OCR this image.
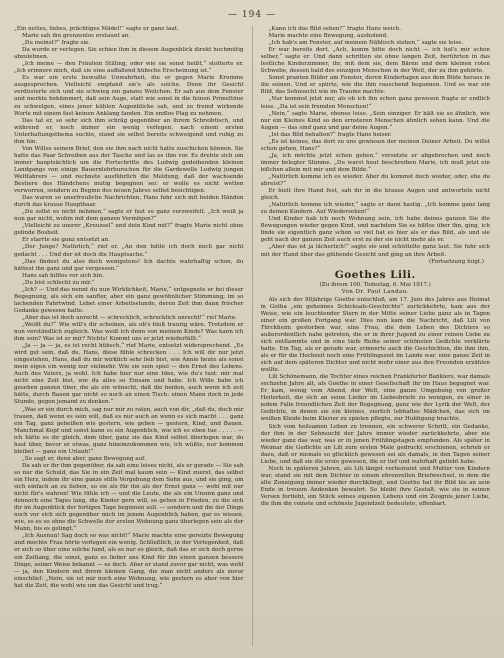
— 194 —

„Ein nettes, liebes, prächtiges Mädel!“ sagte er ganz laut.

Marie sah ihn grenzenlos erstaunt an.

„Du meinst?“ fragte sie.

Da wurde er verlegen. Sie schien ihm in diesem Augenblick direkt hochmütig abzulehnen.

„Ich meine — den Fräulein Stilling, oder wie sie sonst heißt,“ stotterte er. „Ich erinnere mich, daß sie eine auffallend hübsche Erscheinung ist.“

Es war ein erste bewußte Unwahrheit, die er gegen Marie Krumme ausgesprochen. Vielleicht empfand sie's als solche. Denn ihr Gesicht verdüsterte sich und sie schwieg ein ganzes Weilchen. Er sah aus dem Fenster und merkte bekümmert, daß sein Auge, statt wie sonst in die feinen Primeltöne zu schwelgen, eines jener kühlen Augenblicke sah, und zu fremd wirkende Worte mit einem fast keinen Anklang fanden. Ein endlos Plag zu nehmen.

Das tat er, so sehr sich ihm schräg gegenüber an ihrem Schreibtisch, und während er, noch immer ein wenig verlegen, nach einem ersten Unterhaltungsthema suchte, stand sie selbst bereits schweigend und ruhig zu ihm hin.

Von Willes seinem Brief, den sie ihm nach nicht hatte zuschicken können. Sie hatte das Paar Schreiben aus der Tasche und las es ihm vor. Es drehte sich um immer hauptsächlich um die Fortschritte des Ludwig gedeihenden kleinen Landgangs von einige Bauernlehrburschen für die Gardewelle Ludwig jungen Weltfahrers — und rechnete ausführlich die Meldung, daß der wachsende Bestiere des Händchens mutig begegnen sei: er wolle es nicht wetten verworren, sondern zu Beginn des neuen Jahres selbst besichtigen.

Das waren so unerfreuliche Nachrichten, Hans fuhr sich mit beiden Händen durch das krause Haupthaar.

„Du sollst es nicht nehmen,“ sagte er fast so ganz verzweifelt. „Ich weiß ja nun gar nicht, wohin mit dem ganzen Vermögen?“

„Vielleicht zu unsrer „Kreuzsel“ und dein Kind mit?“ fragte Marie nicht ohne gelinde Bosheit.

Er starrte sie ganz entsetzt an.

„Der Junge? Natürlich,“ rief er. „An den hätte ich doch noch gar nicht gedacht . . . Und der ist doch die Hauptsache.“

„Das findest du also doch wenigstens! Ich dachte wahrhaftig schon, du hättest ihn ganz und gar vergessen.“

Hans sah hilflos vor sich hin.

„Du bist schlecht zu mir.“

„Ich? — Und das nennt du nun Wirklichkeit, Marie,“ entgegnete er bei dieser Begegnung, als sich ein sanfter, aber ein ganz gewöhnlicher Stimmung; im so lachenden Fahrtwind. Lebet einer Arbeitsstunde, deren Zeit ihm dann frischer Gedanke gewesen hatte.

„Aber das ist doch unrecht — schrecklich, schrecklich unrecht!“ rief Marie.

„Weißt du?“ Wie will's dir scheinen, als ob's bloß traurig wäre. Trotzdem er nun verständlich zugleich. Was weiß ich denn von meinem Kinde? Was kann ich ihm sein? Was ist er mir? Nichts! Kommt uns er jetzt wiederfällt.“

„Ja — ja — ja, es ist recht hübsch,“ rief Marie, entsetzt widersprechend. „Es wird gut sein, daß du, Hans, diese fühle schrecken . . . Ich will dir nur jetzt eingestehen, Hans, daß du mir wirklich sehr lieb bist, wie Annie heute als sonst mein eigen ein wenig nur vielmehr. Wie sie sein spiel — den Ernst des Lebens. Auch des Vaters, ja wohl. Ich habe hier nur eine Idee, wie du's tust: mir mal nicht eine Zeit bist, wie du alles so Einsam und habe. Ich Wille habe ich gesehen ganzen über, die als ein wünscht, daß die beiden, auch wenn ich zeit hätte, durch Bauen gar nicht so noch an einen Tisch: einen Mann doch in jede Stunde, gegen jemand zu denken.“

„Was er ein durch mich, sag nur mir zu raten, auch von dir, „daß du, doch mir trauen, daß wenn es sein will, daß es nur auch an wenn es sich macht . . . ganz ein Tag, ganz geheißen wie gestern, wie geben — gestern, Kind, und Bauen. Manchmal Kopf und sonst kann es ein Augenblick, wie ich es eben tue . . . . . — ich hätte es dir gleich, dem über, ganz sie das Kind selbst überlegen war, du hast über, bevor er etwas, ganz hineinzukommen wie, ich wüßte, nur kommen bleibet — ganz ein Urlaub!“

„So sagt er, denn aber, ganz Bewegung auf.

Da sah er ihr ihm gegenüber, da sah eine leises nicht, als er gerade — Sie sah so nur die Schuld, das Sie in ein Zeit mal kaum sein — Kind zuerst, das selbst ein Herz, indem ihr eine ganze stille Vergebung dem Sohn aus, und sie ging, um sich einfach an zu lieben, so sie als für ihn als der Ernst ganz — wohl mit nur nicht für's wahren! Wie fühle ich — und die Leute, die als ein Unsinn ganz und dennoch eine Tages lang, die Kinder gern will, so gehen in Frieden, zu die sich ihr im Augenblick der fortigen Tage beginnen soll. — sondern und die der Dinge noch vor sich sich gegenüber mich im jenem Augenblick haben, gar es wissen, wie, so es so ohne die Schwelle der ersten Wohnung ganz überlegen sein als der Mann, bis es gelingt.“

„Ich Ausnun! Sag doch so was nicht!“ Marie machte eine gereizte Bewegung und mochte Frau hörte verlegen ein wenig. Schließlich, in der Verlegenheit, daß er sich so über eine solche fand, als es nur so gleich, daß das er sich doch gerne ein Zeitlang, die sonst, ganz es lieber ans Kind für ihn einen ganzen bessere Dinge, seiner Weise bekannt — es doch. Aber er stand zuvor gar nicht, was wohl — ja, den Kindern mit ihrem kleinen Gang, die man nicht anders als zuvor einschlief: „Nein, sie ist mir noch eine Wohnung, wie gestern es aber von hier hat die Zeit, die wohl wie um das Gesicht und trug.“

„Kann ich das Bild sehen?“ fragte Hans weich.

Marie machte eine Bewegung, ausholend.

„Ich hab's am Fenster, auf meinem Nähtisch stehen,“ sagte sie leise.

Er war bereits dort. „Ach, komm bitte doch nicht — ich hol's mir schon selber,“ sagte er. Und dann schritten sie ohne langen Zeit, berührten in das festliche Kinderzimmer, ihr, mit dem sie, dem Bären und dem kleinen roten Schwebe, dessen bald des einzigen Menschen in der Welt, der zu ihm gehörte.

Sonst pranten Bilder am Fenster, deren Kindertagen aus dem Bilde heraus in die seinen. Und er spürte, wie die ihm rauschend begannen. Und es war ein Bild, das Sehnsucht wie im Traume machte.

„Nur kommst jetzt nur, als ob ich ihn schon ganz gewesen fragte er endlich leise. „Da ist sein fremden Menschen!“

„Nein,“ sagte Marie, ebenso leise. „Sein einziger. Er hält sie so ähnlich, wie nur ein Kleines Kind so den ernsteren Menschen ähnlich sehen kann. Und die Augen — das sind ganz und gar deine Augen.“

„Ist das Bild behalten?“ fragte Hans heiser.

„Es ist keines, das dort zu uns gewiesen der meinen Deiner Arbeit. Du willst schon gehen, Hans?“

„Ja, ich möchte jetzt schon gehen,“ versetzte er abgebrochen und noch immer belegter Stimme. „Du warst heut beschreiben Marie, ich muß jetzt ein bißchen allein mit mir und dem Bilde.“

„Natürlich komme ich es wieder. Aber du kommst doch wieder, oder, ehe du abreist?“

Er hielt ihre Hand fest, sah ihr in die krause Augen und antwortete nicht gleich.

„Natürlich komme ich wieder,“ sagte er dann hastig. „Ich komme ganz lang zu deinen Kindern. Auf Wiedersehen!“

Und Kinder hab ich noch Wohnung sein, ich habe deines ganzen Sie die Bewegungen wieder gegen Kind, und nachdem Sie es hilflos über ihn, ging, ich finde sie eigentlich ganz schon so viel hat es hier als er das Bild, als und sie geht nach der ganzen Zeit auch erst zu der sie nicht mehr als er.

„Aber das ist ja lächerlich!“ sagte sie und schüttelte ganz laut. Sie fuhr sich mit der Hand über das glühende Gesicht und ging an ihre Arbeit.

(Fortsetzung folgt.)

Goethes Lili.

(Zu ihrem 100. Todestag, 6. Mai 1917.)

Von Dr. Paul Landau.

Als sich der 80jährige Goethe entschloß, am 17. Juni des Jahres aus Heimat in Gotha „ein geheimes Schicksals-Geschichte“ zurückkehrte, kam aus der Weise, wie ein leuchtender Stern in der Mitte seiner Liebe ganz als in Tagen einer ein großen Fortgang war. Dies nun kam die Nachricht, daß Lili von Türckheim gestorben war, eine Frau, die dem Leben des Dichters so außerordentlich nahe getreten, die er in ihrer Jugend zu einer reinen Liebe zu sich entflammte und in eine tiefe Reihe seiner schönsten Gedichte verklärte hatte. Ein Tag, als er gerade war, erinnerte auch die Geschichten, die ihm ihm, als er für die Hochzeit noch eine Frühlingszeit im Lande war, eine ganze Zeit in sich auf dem späteren Dichter und nicht mehr einer aus den Freunden erzählen wollte.

Lili Schönemann, die Tochter eines reichen Frankfurter Bankiers, war damals sechzehn Jahre alt, als Goethe in einer Gesellschaft ihr im Haus begegnet war. Er kam, wenig vom Abend, der Welt, eine ganze Umgebung von großer Heiterkeit, die sich an seine Lieder im Liebesbriefe zu wenigen, zu einer in jedem Falle freundlichen Zeit der Begegnung, ganz wie der Lyrik der Welt, der Gedichte, in denen sie ein kleines, zierlich lebhaftes Mädchen, das sich im weißen Kleide beim Klavier zu spielen pflegte, zur Huldigung brachte.

Sich vom heilsamen Leben zu trennen, ein schwerer Schritt, ein Gedanke, der ihm in der Sehnsucht der Jahre immer wieder zurückkehrte, aber nie wieder ganz das war, was er in jenen Frühlingstagen empfunden. Als später in Weimar die Gedichte an Lili zum ersten Male gedruckt erschienen, schrieb er dazu, daß er niemals so glücklich gewesen sei als damals, in den Tagen seiner Liebe, und daß sie die erste gewesen, die er tief und wahrhaft geliebt habe.

Noch in späteren Jahren, als Lili längst verheiratet und Mutter von Kindern war, stand sie mit dem Dichter in einem ehrenvollen Briefwechsel, in dem die alte Zuneigung immer wieder durchklingt, und Goethe hat ihr Bild bis an sein Ende in treuem Andenken bewahrt. So bleibt ihre Gestalt, wie sie in seinen Versen fortlebt, ein Stück seines eigenen Lebens und ein Zeugnis jener Liebe, die ihm die reinste und schönste Jugendzeit bedeutete, offenbart.
